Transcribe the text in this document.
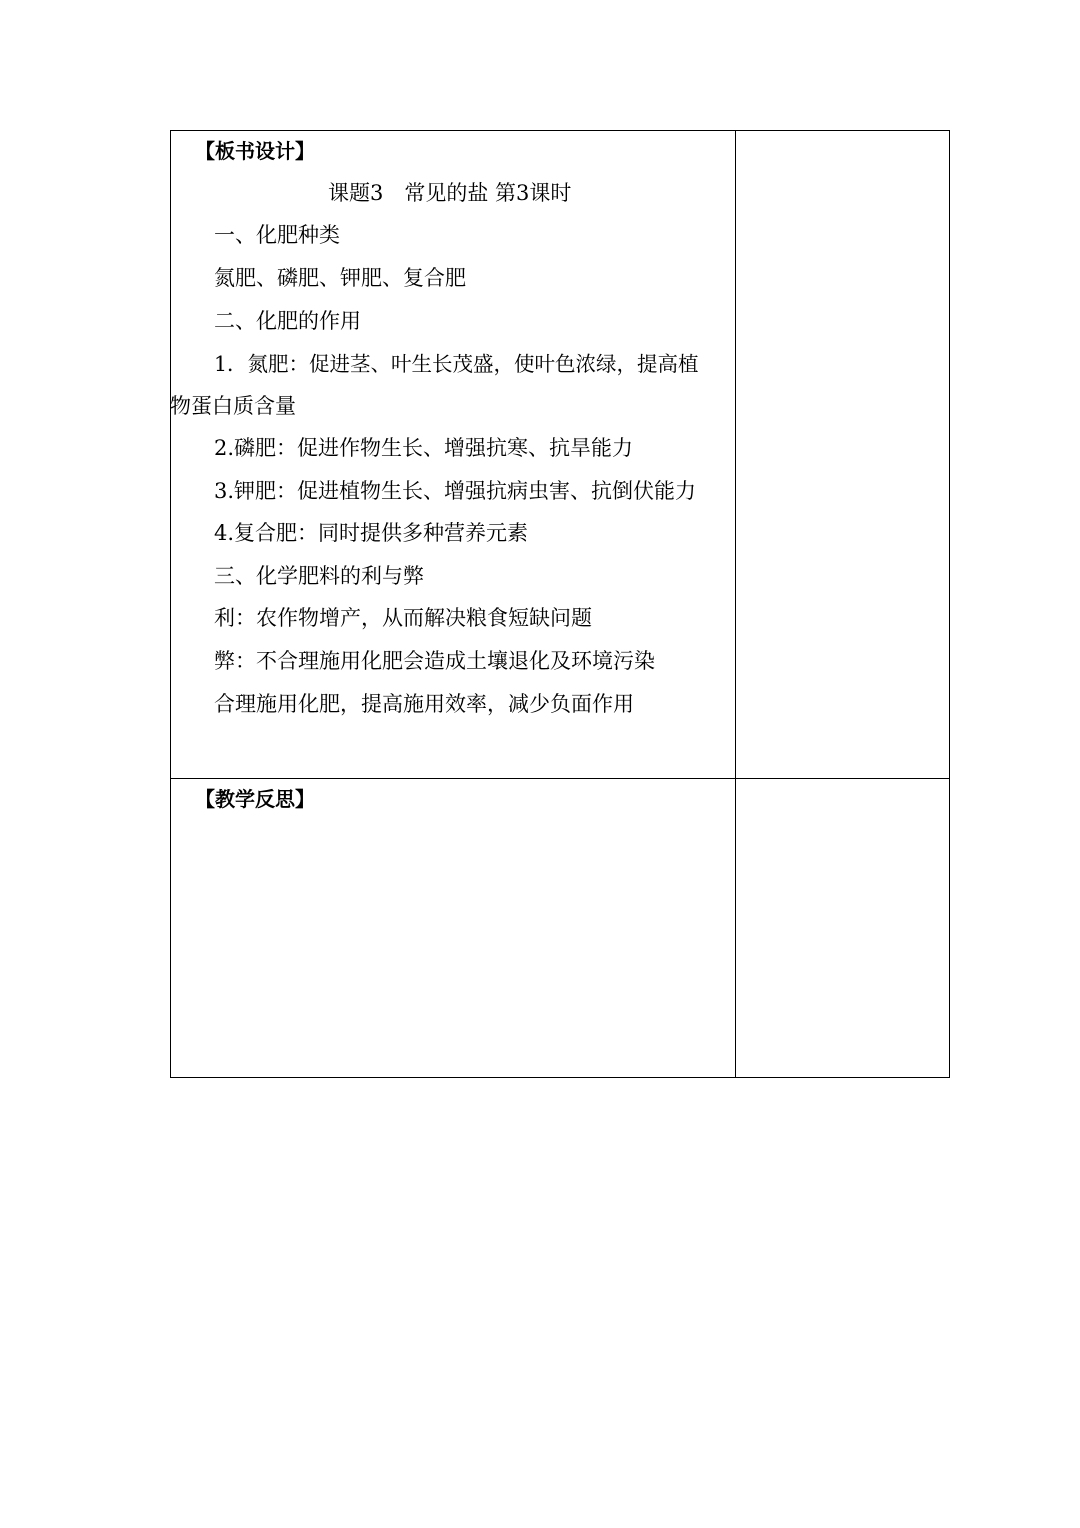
【板书设计】
课题3　常见的盐 第3课时
一、化肥种类
氮肥、磷肥、钾肥、复合肥
二、化肥的作用
1．氮肥：促进茎、叶生长茂盛，使叶色浓绿，提高植
物蛋白质含量
2.磷肥：促进作物生长、增强抗寒、抗旱能力
3.钾肥：促进植物生长、增强抗病虫害、抗倒伏能力
4.复合肥：同时提供多种营养元素
三、化学肥料的利与弊
利：农作物增产，从而解决粮食短缺问题
弊：不合理施用化肥会造成土壤退化及环境污染
合理施用化肥，提高施用效率，减少负面作用
【教学反思】
